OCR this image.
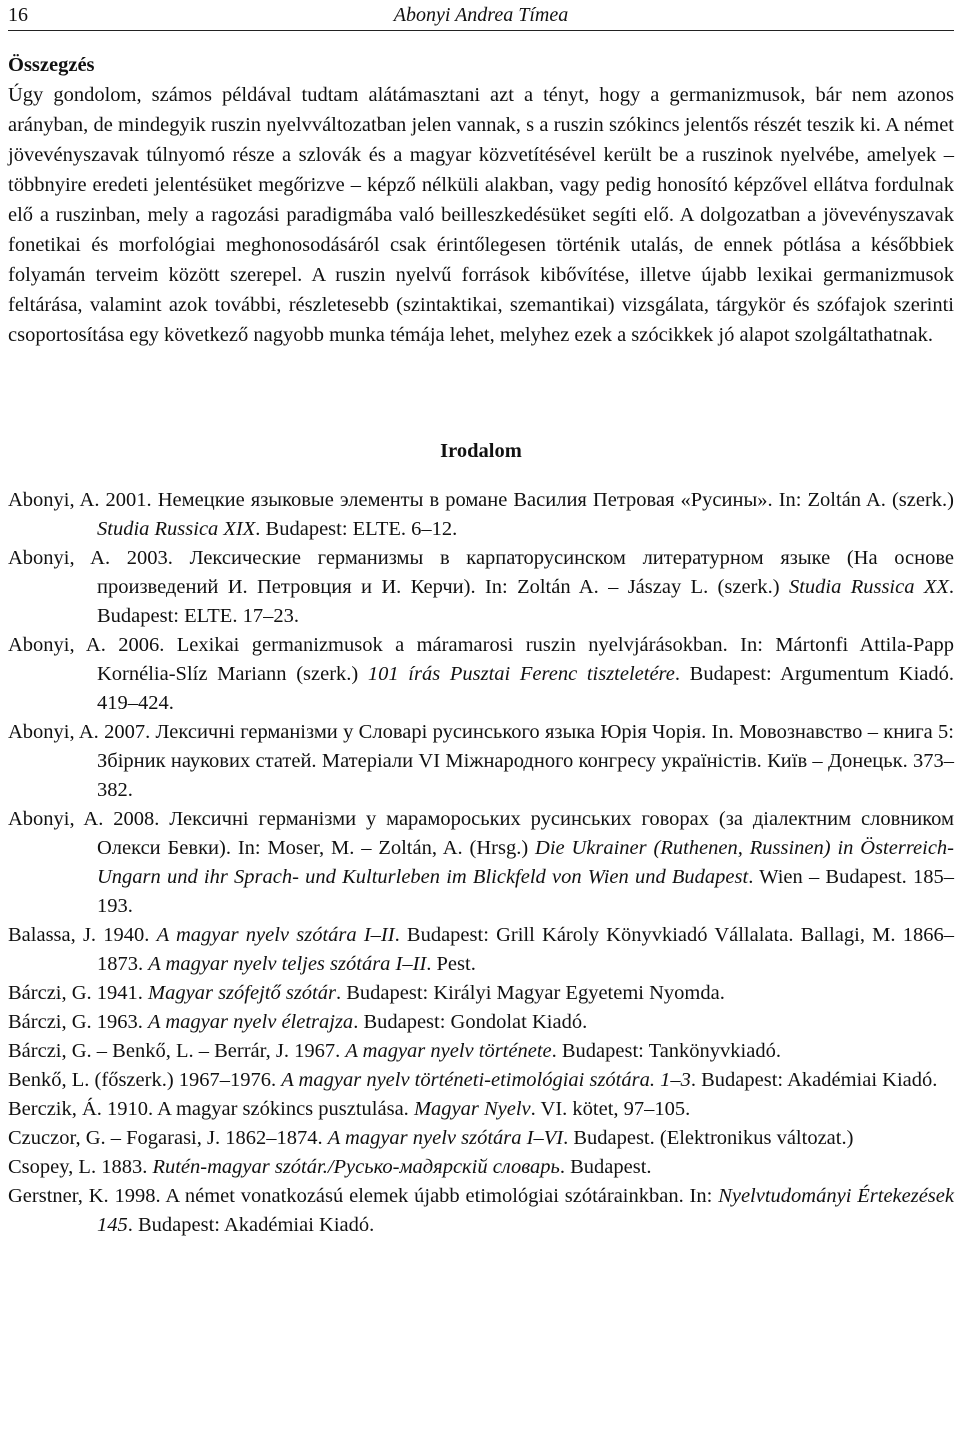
16	Abonyi Andrea Tímea
Összegzés

Úgy gondolom, számos példával tudtam alátámasztani azt a tényt, hogy a germanizmusok, bár nem azonos arányban, de mindegyik ruszin nyelvváltozatban jelen vannak, s a ruszin szókincs jelentős részét teszik ki. A német jövevényszavak túlnyomó része a szlovák és a magyar közvetítésével került be a ruszinok nyelvébe, amelyek – többnyire eredeti jelentésüket megőrizve – képző nélküli alakban, vagy pedig honosító képzővel ellátva fordulnak elő a ruszinban, mely a ragozási paradigmába való beilleszkedésüket segíti elő. A dolgozatban a jövevényszavak fonetikai és morfológiai meghonosodásáról csak érintőlegesen történik utalás, de ennek pótlása a későbbiek folyamán terveim között szerepel. A ruszin nyelvű források kibővítése, illetve újabb lexikai germanizmusok feltárása, valamint azok további, részletesebb (szintaktikai, szemantikai) vizsgálata, tárgykör és szófajok szerinti csoportosítása egy következő nagyobb munka témája lehet, melyhez ezek a szócikkek jó alapot szolgáltathatnak.

Irodalom

Abonyi, A. 2001. Немецкие языковые элементы в романе Василия Петровая «Русины». In: Zoltán A. (szerk.) Studia Russica XIX. Budapest: ELTE. 6–12.

Abonyi, A. 2003. Лексические германизмы в карпаторусинском литературном языке (На основе произведений И. Петровция и И. Керчи). In: Zoltán A. – Jászay L. (szerk.) Studia Russica XX. Budapest: ELTE. 17–23.

Abonyi, A. 2006. Lexikai germanizmusok a máramarosi ruszin nyelvjárásokban. In: Mártonfi Attila-Papp Kornélia-Slíz Mariann (szerk.) 101 írás Pusztai Ferenc tiszteletére. Budapest: Argumentum Kiadó. 419–424.

Abonyi, A. 2007. Лексичні германізми у Словарі русинського языка Юрія Чорія. In. Мовознавство – книга 5: Збірник наукових статей. Матеріали VI Міжнародного конгресу україністів. Київ – Донецьк. 373–382.

Abonyi, A. 2008. Лексичні германізми у мараморoських русинських говорах (за діалектним словником Олекси Бевки). In: Moser, M. – Zoltán, A. (Hrsg.) Die Ukrainer (Ruthenen, Russinen) in Österreich-Ungarn und ihr Sprach- und Kulturleben im Blickfeld von Wien und Budapest. Wien – Budapest. 185–193.

Balassa, J. 1940. A magyar nyelv szótára I–II. Budapest: Grill Károly Könyvkiadó Vállalata. Ballagi, M. 1866–1873. A magyar nyelv teljes szótára I–II. Pest.

Bárczi, G. 1941. Magyar szófejtő szótár. Budapest: Királyi Magyar Egyetemi Nyomda.

Bárczi, G. 1963. A magyar nyelv életrajza. Budapest: Gondolat Kiadó.

Bárczi, G. – Benkő, L. – Berrár, J. 1967. A magyar nyelv története. Budapest: Tankönyvkiadó.

Benkő, L. (főszerk.) 1967–1976. A magyar nyelv történeti-etimológiai szótára. 1–3. Budapest: Akadémiai Kiadó.

Berczik, Á. 1910. A magyar szókincs pusztulása. Magyar Nyelv. VI. kötet, 97–105.

Czuczor, G. – Fogarasi, J. 1862–1874. A magyar nyelv szótára I–VI. Budapest. (Elektronikus változat.)

Csopey, L. 1883. Rutén-magyar szótár./Русько-мадярскій словарь. Budapest.

Gerstner, K. 1998. A német vonatkozású elemek újabb etimológiai szótárainkban. In: Nyelvtudományi Értekezések 145. Budapest: Akadémiai Kiadó.
